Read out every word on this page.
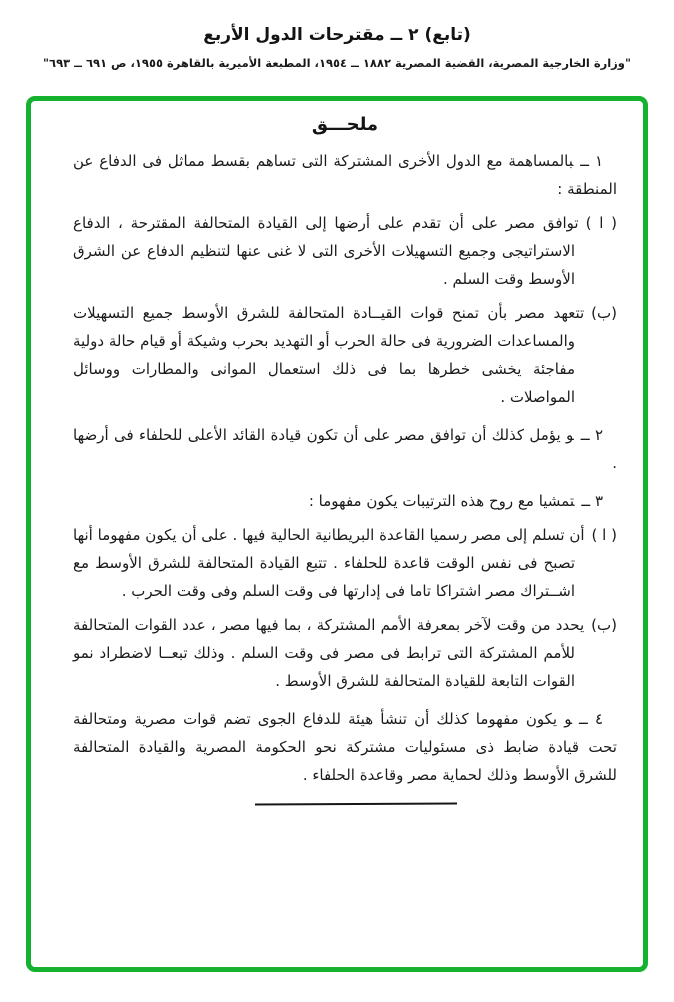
(تابع) ٢ ــ مقترحات الدول الأربع
"وزارة الخارجية المصرية، القضية المصرية ١٨٨٢ ــ ١٩٥٤، المطبعة الأميرية بالقاهرة ١٩٥٥، ص ٦٩١ ــ ٦٩٣"
ملحـــق

١ ــبالمساهمة مع الدول الأخرى المشتركة التى تساهم بقسط مماثل فى الدفاع عن المنطقة :

( ا )توافق مصر على أن تقدم على أرضها إلى القيادة المتحالفة المقترحة ، الدفاع الاستراتيجى وجميع التسهيلات الأخرى التى لا غنى عنها لتنظيم الدفاع عن الشرق الأوسط وقت السلم .

(ب)تتعهد مصر بأن تمنح قوات القيــادة المتحالفة للشرق الأوسط جميع التسهيلات والمساعدات الضرورية فى حالة الحرب أو التهديد بحرب وشيكة أو قيام حالة دولية مفاجئة يخشى خطرها بما فى ذلك استعمال الموانى والمطارات ووسائل المواصلات .

٢ ــو يؤمل كذلك أن توافق مصر على أن تكون قيادة القائد الأعلى للحلفاء فى أرضها .

٣ ــتمشيا مع روح هذه الترتيبات يكون مفهوما :

( ا )أن تسلم إلى مصر رسميا القاعدة البريطانية الحالية فيها . على أن يكون مفهوما أنها تصبح فى نفس الوقت قاعدة للحلفاء . تتبع القيادة المتحالفة للشرق الأوسط مع اشــتراك مصر اشتراكا تاما فى إدارتها فى وقت السلم وفى وقت الحرب .

(ب)يحدد من وقت لآخر بمعرفة الأمم المشتركة ، بما فيها مصر ، عدد القوات المتحالفة للأمم المشتركة التى ترابط فى مصر فى وقت السلم . وذلك تبعــا لاضطراد نمو القوات التابعة للقيادة المتحالفة للشرق الأوسط .

٤ ــو يكون مفهوما كذلك أن تنشأ هيئة للدفاع الجوى تضم قوات مصرية ومتحالفة تحت قيادة ضابط ذى مسئوليات مشتركة نحو الحكومة المصرية والقيادة المتحالفة للشرق الأوسط وذلك لحماية مصر وقاعدة الحلفاء .
